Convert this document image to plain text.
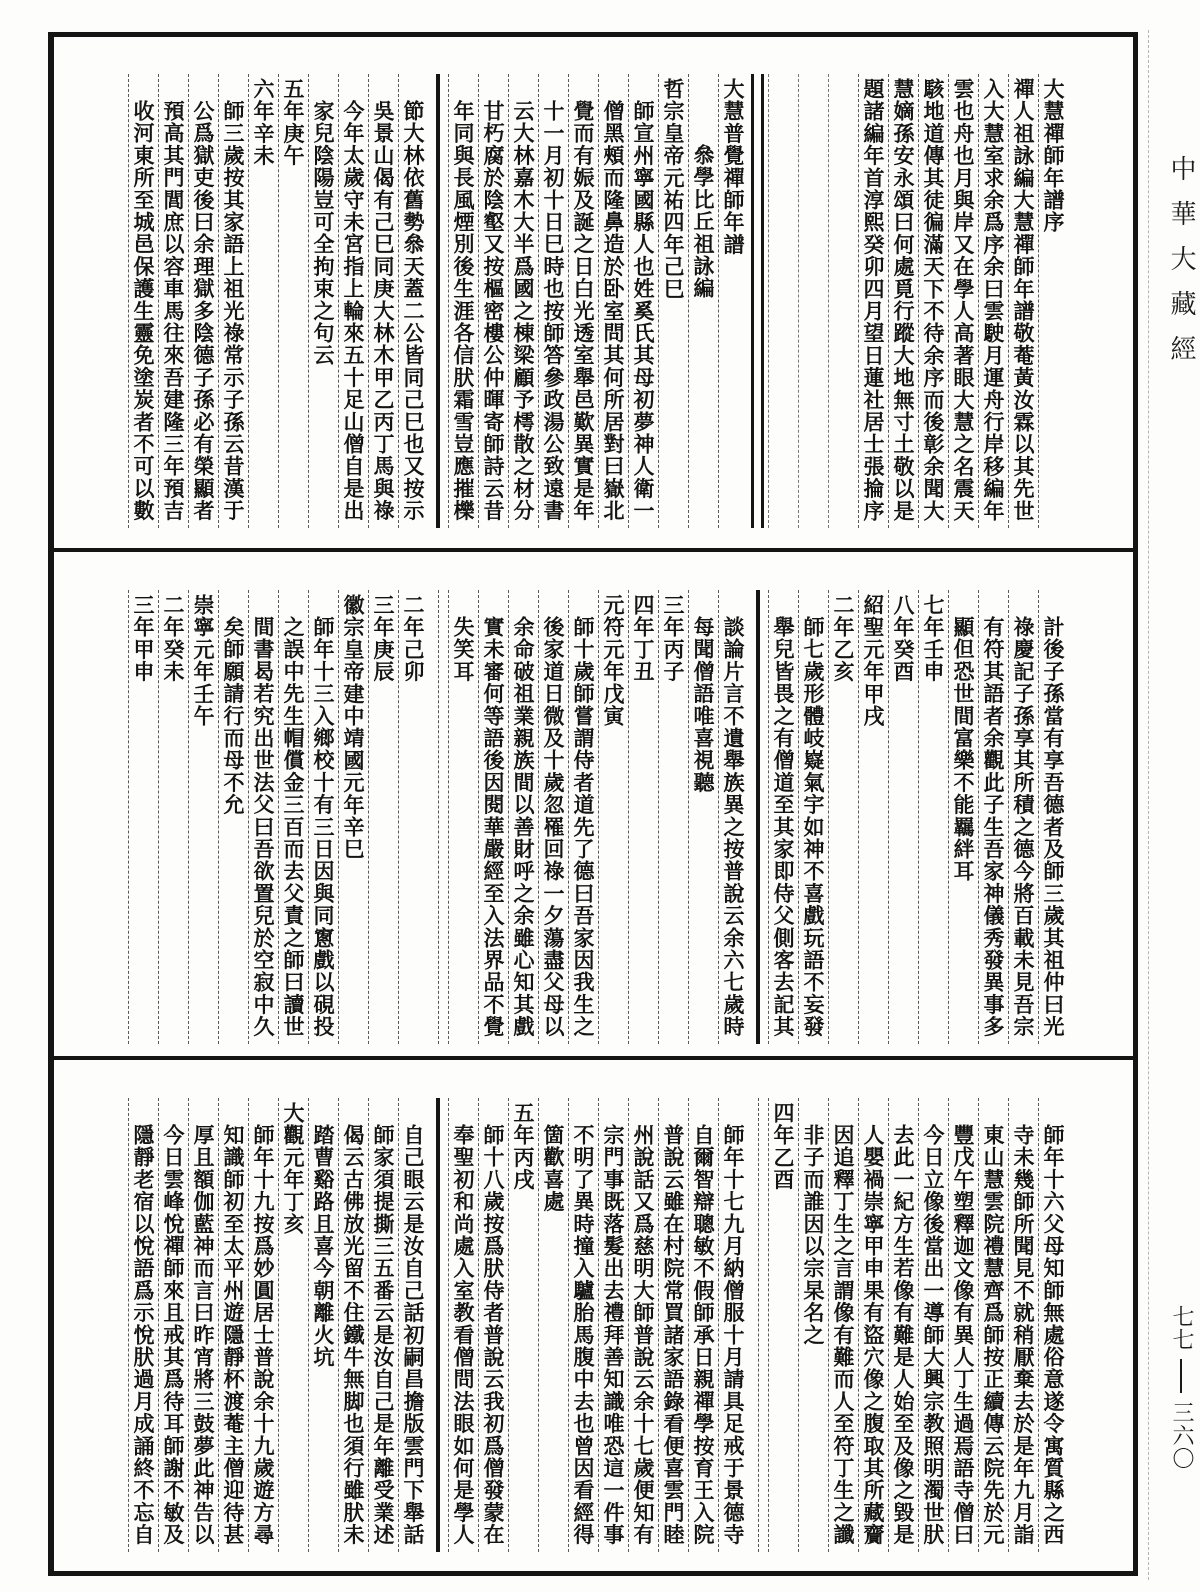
中華大藏經
七七
三六〇
大慧禪師年譜序
禪人祖詠編大慧禪師年譜敬菴黃汝霖以其先世
入大慧室求余爲序余曰雲駛月運舟行岸移編年
雲也舟也月與岸又在學人高著眼大慧之名震天
駭地道傳其徒徧滿天下不待余序而後彰余聞大
慧嫡孫安永頌曰何處覓行蹤大地無寸土敬以是
題諸編年首淳熙癸卯四月望日蓮社居士張掄序
大慧普覺禪師年譜
叅學比丘祖詠編
哲宗皇帝元祐四年己巳
師宣州寧國縣人也姓奚氏其母初夢神人衛一
僧黑頰而隆鼻造於卧室問其何所居對曰嶽北
覺而有娠及誕之日白光透室舉邑歎異實是年
十一月初十日巳時也按師答參政湯公致遠書
云大林嘉木大半爲國之棟梁顧予樗散之材分
甘朽腐於陰壑又按樞密樓公仲暉寄師詩云昔
年同與長風煙別後生涯各信肰霜雪豈應摧櫟
節大林依舊勢叅天蓋二公皆同己巳也又按示
吳景山偈有己巳同庚大林木甲乙丙丁馬與祿
今年太歲守未宮指上輪來五十足山僧自是出
家兒陰陽豈可全拘束之句云
五年庚午
六年辛未
師三歲按其家語上祖光祿常示子孫云昔漢于
公爲獄吏後曰余理獄多陰德子孫必有榮顯者
預高其門閭庶以容車馬往來吾建隆三年預吉
收河東所至城邑保護生靈免塗炭者不可以數
計後子孫當有享吾德者及師三歲其祖仲曰光
祿慶記子孫享其所積之德今將百載未見吾宗
有符其語者余觀此子生吾家神儀秀發異事多
顯但恐世間富樂不能羈絆耳
七年壬申
八年癸酉
紹聖元年甲戌
二年乙亥
師七歲形體岐嶷氣宇如神不喜戲玩語不妄發
舉兒皆畏之有僧道至其家即侍父側客去記其
談論片言不遺舉族異之按普說云余六七歲時
每聞僧語唯喜視聽
三年丙子
四年丁丑
元符元年戊寅
師十歲師嘗謂侍者道先了德曰吾家因我生之
後家道日微及十歲忽罹回祿一夕蕩盡父母以
余命破祖業親族間以善財呼之余雖心知其戲
實未審何等語後因閱華嚴經至入法界品不覺
失笑耳
二年己卯
三年庚辰
徽宗皇帝建中靖國元年辛巳
師年十三入鄉校十有三日因與同窻戲以硯投
之誤中先生帽償金三百而去父責之師曰讀世
間書曷若究出世法父曰吾欲置兒於空寂中久
矣師願請行而母不允
崇寧元年壬午
二年癸未
三年甲申
師年十六父母知師無處俗意遂令寓質縣之西
寺未幾師所聞見不就稍厭棄去於是年九月詣
東山慧雲院禮慧齊爲師按正續傳云院先於元
豐戊午塑釋迦文像有異人丁生過焉語寺僧曰
今日立像後當出一導師大興宗教照明濁世肰
去此一紀方生若像有難是人始至及像之毀是
人嬰禍崇寧甲申果有盜穴像之腹取其所藏齎
因追釋丁生之言謂像有難而人至符丁生之讖
非子而誰因以宗杲名之
四年乙酉
師年十七九月納僧服十月請具足戒于景德寺
自爾智辯聰敏不假師承日親禪學按育王入院
普說云雖在村院常買諸家語錄看便喜雲門睦
州說話又爲慈明大師普說云余十七歲便知有
宗門事既落髮出去禮拜善知識唯恐這一件事
不明了異時撞入驢胎馬腹中去也曾因看經得
箇歡喜處
五年丙戌
師十八歲按爲肰侍者普說云我初爲僧發蒙在
奉聖初和尚處入室教看僧問法眼如何是學人
自己眼云是汝自己話初嗣昌擔版雲門下舉話
師家須提撕三五番云是汝自己是年離受業述
偈云古佛放光留不住鐵牛無脚也須行雖肰未
踏曹谿路且喜今朝離火坑
大觀元年丁亥
師年十九按爲妙圓居士普說余十九歲遊方尋
知識師初至太平州遊隱靜杯渡菴主僧迎待甚
厚且額伽藍神而言曰昨宵將三鼓夢此神告以
今日雲峰悅禪師來且戒其爲待耳師謝不敏及
隱靜老宿以悅語爲示悅肰過月成誦終不忘自
